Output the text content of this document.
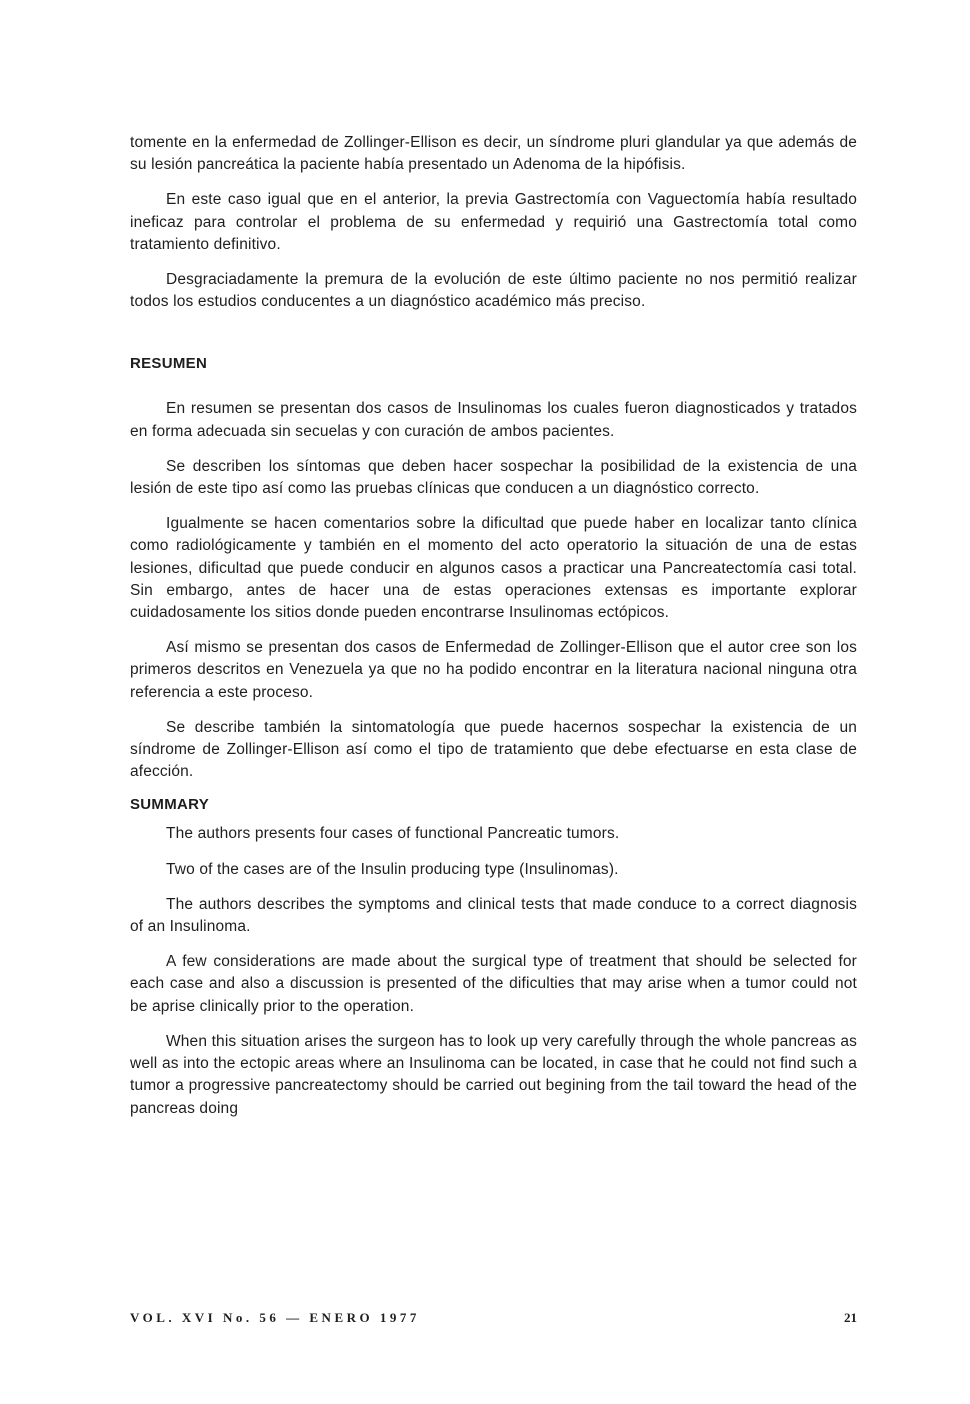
tomente en la enfermedad de Zollinger-Ellison es decir, un síndrome pluri glandular ya que además de su lesión pancreática la paciente había presentado un Adenoma de la hipófisis.

En este caso igual que en el anterior, la previa Gastrectomía con Vaguectomía había resultado ineficaz para controlar el problema de su enfermedad y requirió una Gastrectomía total como tratamiento definitivo.

Desgraciadamente la premura de la evolución de este último paciente no nos permitió realizar todos los estudios conducentes a un diagnóstico académico más preciso.

RESUMEN

En resumen se presentan dos casos de Insulinomas los cuales fueron diagnosticados y tratados en forma adecuada sin secuelas y con curación de ambos pacientes.

Se describen los síntomas que deben hacer sospechar la posibilidad de la existencia de una lesión de este tipo así como las pruebas clínicas que conducen a un diagnóstico correcto.

Igualmente se hacen comentarios sobre la dificultad que puede haber en localizar tanto clínica como radiológicamente y también en el momento del acto operatorio la situación de una de estas lesiones, dificultad que puede conducir en algunos casos a practicar una Pancreatectomía casi total. Sin embargo, antes de hacer una de estas operaciones extensas es importante explorar cuidadosamente los sitios donde pueden encontrarse Insulinomas ectópicos.

Así mismo se presentan dos casos de Enfermedad de Zollinger-Ellison que el autor cree son los primeros descritos en Venezuela ya que no ha podido encontrar en la literatura nacional ninguna otra referencia a este proceso.

Se describe también la sintomatología que puede hacernos sospechar la existencia de un síndrome de Zollinger-Ellison así como el tipo de tratamiento que debe efectuarse en esta clase de afección.

SUMMARY

The authors presents four cases of functional Pancreatic tumors.

Two of the cases are of the Insulin producing type (Insulinomas).

The authors describes the symptoms and clinical tests that made conduce to a correct diagnosis of an Insulinoma.

A few considerations are made about the surgical type of treatment that should be selected for each case and also a discussion is presented of the dificulties that may arise when a tumor could not be aprise clinically prior to the operation.

When this situation arises the surgeon has to look up very carefully through the whole pancreas as well as into the ectopic areas where an Insulinoma can be located, in case that he could not find such a tumor a progressive pancreatectomy should be carried out begining from the tail toward the head of the pancreas doing

VOL. XVI No. 56 — ENERO 1977	21
